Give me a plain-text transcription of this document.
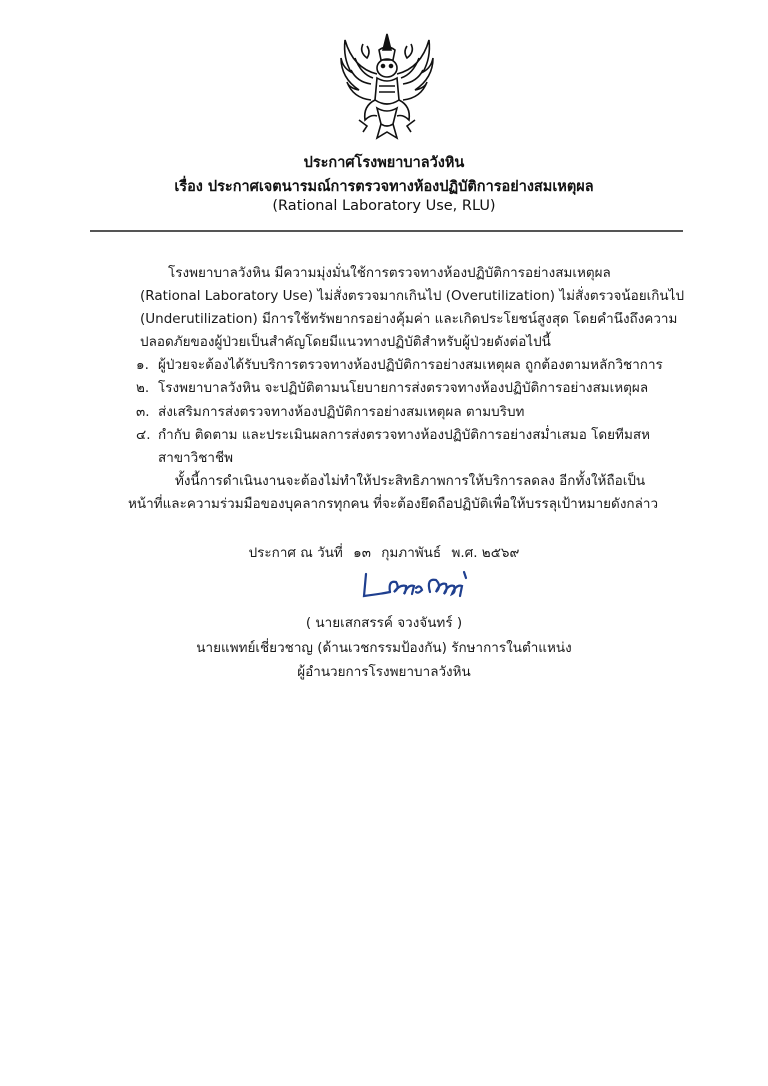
ประกาศโรงพยาบาลวังหิน
เรื่อง ประกาศเจตนารมณ์การตรวจทางห้องปฏิบัติการอย่างสมเหตุผล
(Rational Laboratory Use, RLU)
โรงพยาบาลวังหิน มีความมุ่งมั่นใช้การตรวจทางห้องปฏิบัติการอย่างสมเหตุผล
(Rational Laboratory Use) ไม่สั่งตรวจมากเกินไป (Overutilization) ไม่สั่งตรวจน้อยเกินไป
(Underutilization) มีการใช้ทรัพยากรอย่างคุ้มค่า และเกิดประโยชน์สูงสุด โดยคำนึงถึงความ
ปลอดภัยของผู้ป่วยเป็นสำคัญโดยมีแนวทางปฏิบัติสำหรับผู้ป่วยดังต่อไปนี้
๑. ผู้ป่วยจะต้องได้รับบริการตรวจทางห้องปฏิบัติการอย่างสมเหตุผล ถูกต้องตามหลักวิชาการ
๒. โรงพยาบาลวังหิน จะปฏิบัติตามนโยบายการส่งตรวจทางห้องปฏิบัติการอย่างสมเหตุผล
๓. ส่งเสริมการส่งตรวจทางห้องปฏิบัติการอย่างสมเหตุผล ตามบริบท
๔. กำกับ ติดตาม และประเมินผลการส่งตรวจทางห้องปฏิบัติการอย่างสม่ำเสมอ โดยทีมสห
สาขาวิชาชีพ
ทั้งนี้การดำเนินงานจะต้องไม่ทำให้ประสิทธิภาพการให้บริการลดลง อีกทั้งให้ถือเป็น
หน้าที่และความร่วมมือของบุคลากรทุกคน ที่จะต้องยึดถือปฏิบัติเพื่อให้บรรลุเป้าหมายดังกล่าว
ประกาศ ณ วันที่ ๑๓ กุมภาพันธ์ พ.ศ. ๒๕๖๙
( นายเสกสรรค์ จวงจันทร์ )
นายแพทย์เชี่ยวชาญ (ด้านเวชกรรมป้องกัน) รักษาการในตำแหน่ง
ผู้อำนวยการโรงพยาบาลวังหิน
